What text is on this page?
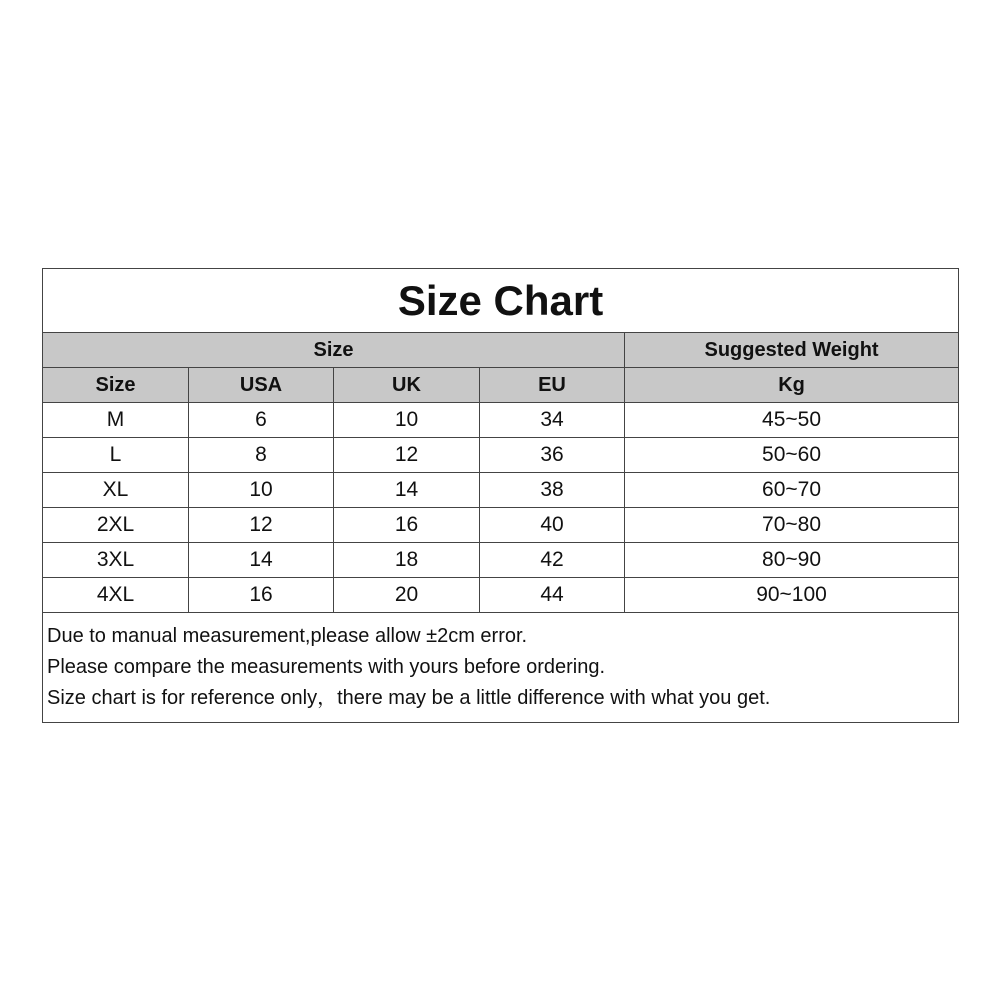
Size Chart				
Size				Suggested Weight
Size	USA	UK	EU	Kg
M	6	10	34	45~50
L	8	12	36	50~60
XL	10	14	38	60~70
2XL	12	16	40	70~80
3XL	14	18	42	80~90
4XL	16	20	44	90~100

Due to manual measurement,please allow ±2cm error.
Please compare the measurements with yours before ordering.
Size chart is for reference only，there may be a little difference with what you get.				
